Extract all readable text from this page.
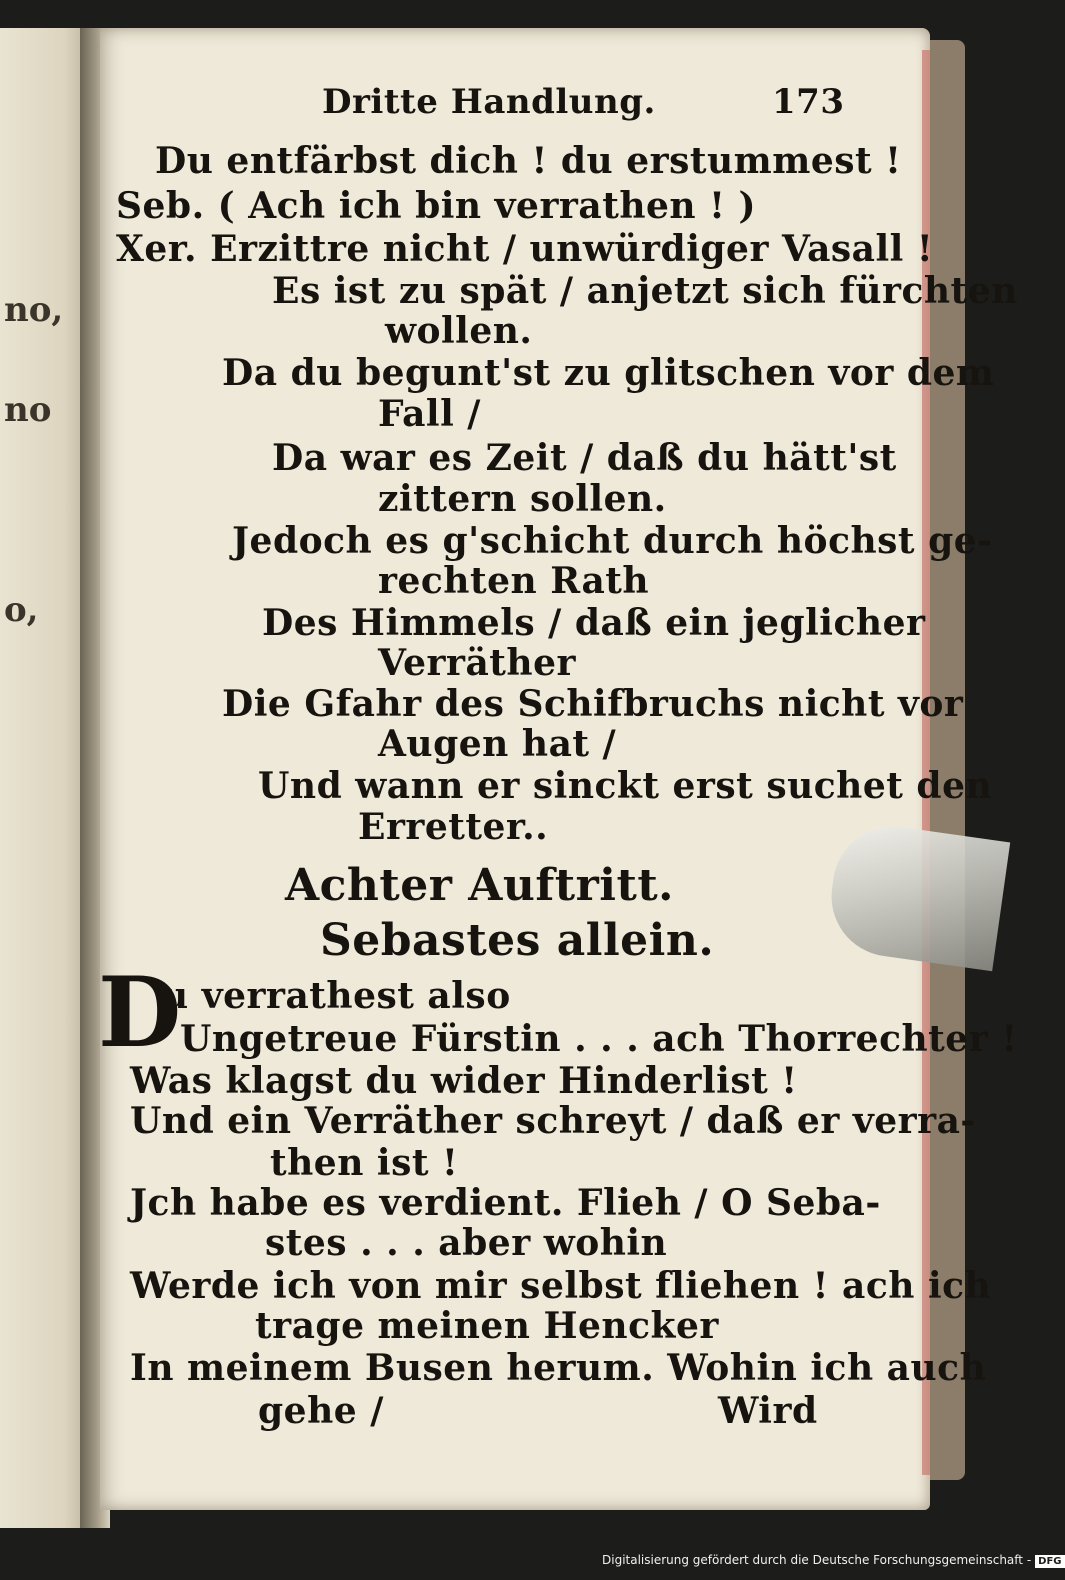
no,
no
o,
Dritte Handlung.	173
Du entfärbst dich ! du erstummest !
Seb. ( Ach ich bin verrathen ! )
Xer. Erzittre nicht / unwürdiger Vasall !
Es ist zu spät / anjetzt sich fürchten
wollen.
Da du begunt'st zu glitschen vor dem
Fall /
Da war es Zeit / daß du hätt'st
zittern sollen.
Jedoch es g'schicht durch höchst ge-
rechten Rath
Des Himmels / daß ein jeglicher
Verräther
Die Gfahr des Schifbruchs nicht vor
Augen hat /
Und wann er sinckt erst suchet den
Erretter..
Achter Auftritt.
Sebastes allein.
D
u verrathest also
Ungetreue Fürstin . . . ach Thorrechter !
Was klagst du wider Hinderlist !
Und ein Verräther schreyt / daß er verra-
then ist !
Jch habe es verdient. Flieh / O Seba-
stes . . . aber wohin
Werde ich von mir selbst fliehen ! ach ich
trage meinen Hencker
In meinem Busen herum. Wohin ich auch
gehe /	Wird
Digitalisierung gefördert durch die Deutsche Forschungsgemeinschaft - DFG
